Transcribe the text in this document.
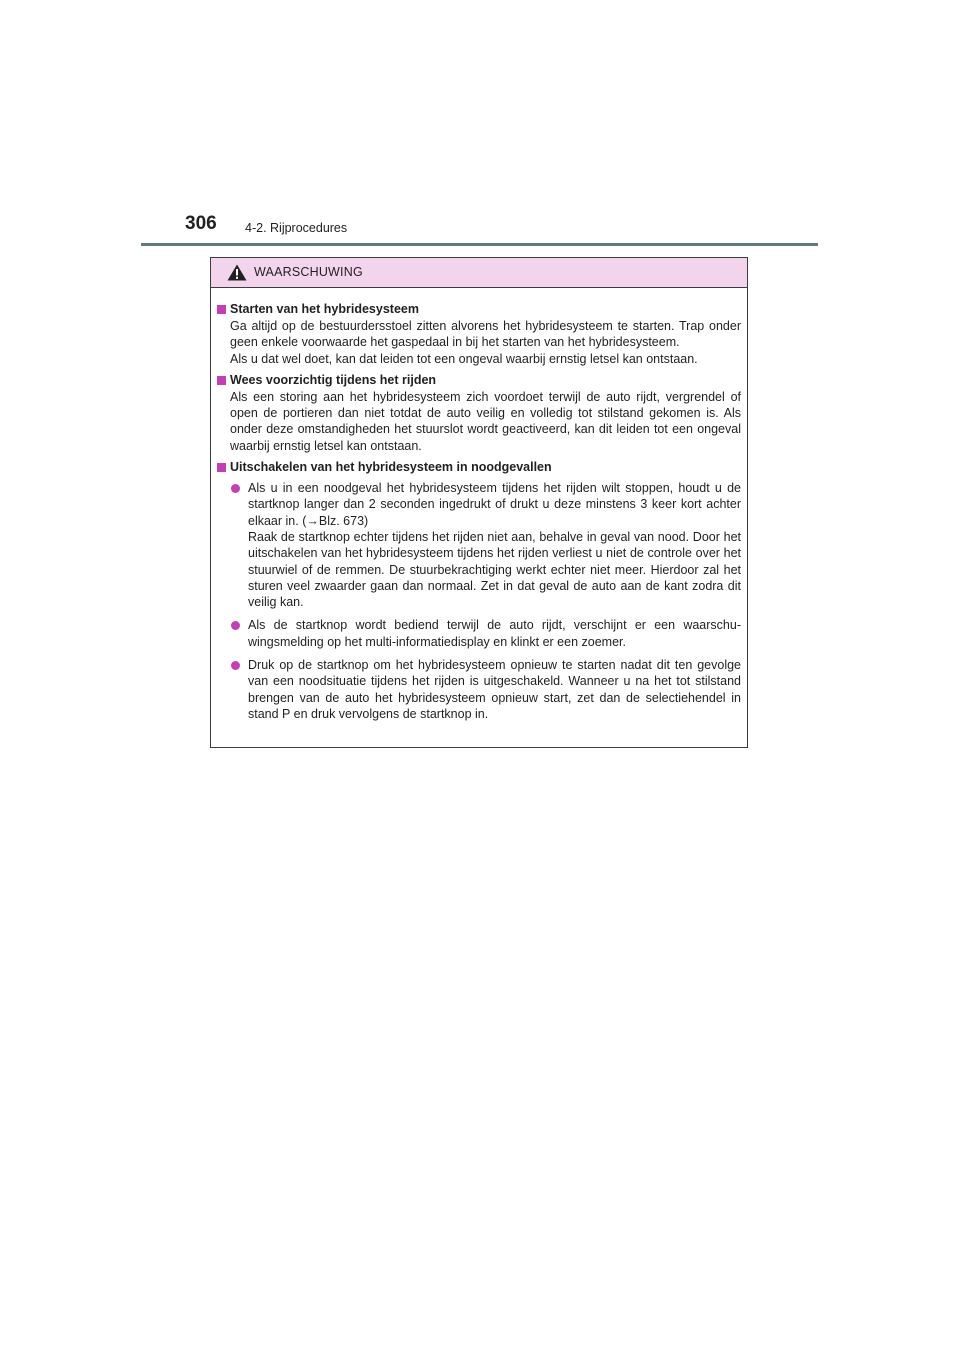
306 4-2. Rijprocedures
WAARSCHUWING
Starten van het hybridesysteem
Ga altijd op de bestuurdersstoel zitten alvorens het hybridesysteem te starten. Trap onder geen enkele voorwaarde het gaspedaal in bij het starten van het hybridesysteem.
Als u dat wel doet, kan dat leiden tot een ongeval waarbij ernstig letsel kan ontstaan.
Wees voorzichtig tijdens het rijden
Als een storing aan het hybridesysteem zich voordoet terwijl de auto rijdt, vergrendel of open de portieren dan niet totdat de auto veilig en volledig tot stilstand gekomen is. Als onder deze omstandigheden het stuurslot wordt geactiveerd, kan dit leiden tot een ongeval waarbij ernstig letsel kan ontstaan.
Uitschakelen van het hybridesysteem in noodgevallen
Als u in een noodgeval het hybridesysteem tijdens het rijden wilt stoppen, houdt u de startknop langer dan 2 seconden ingedrukt of drukt u deze minstens 3 keer kort achter elkaar in. (→Blz. 673)
Raak de startknop echter tijdens het rijden niet aan, behalve in geval van nood. Door het uitschakelen van het hybridesysteem tijdens het rijden verliest u niet de controle over het stuurwiel of de remmen. De stuurbekrachtiging werkt echter niet meer. Hierdoor zal het sturen veel zwaarder gaan dan normaal. Zet in dat geval de auto aan de kant zodra dit veilig kan.
Als de startknop wordt bediend terwijl de auto rijdt, verschijnt er een waarschuwingsmelding op het multi-informatiedisplay en klinkt er een zoemer.
Druk op de startknop om het hybridesysteem opnieuw te starten nadat dit ten gevolge van een noodsituatie tijdens het rijden is uitgeschakeld. Wanneer u na het tot stilstand brengen van de auto het hybridesysteem opnieuw start, zet dan de selectiehendel in stand P en druk vervolgens de startknop in.
